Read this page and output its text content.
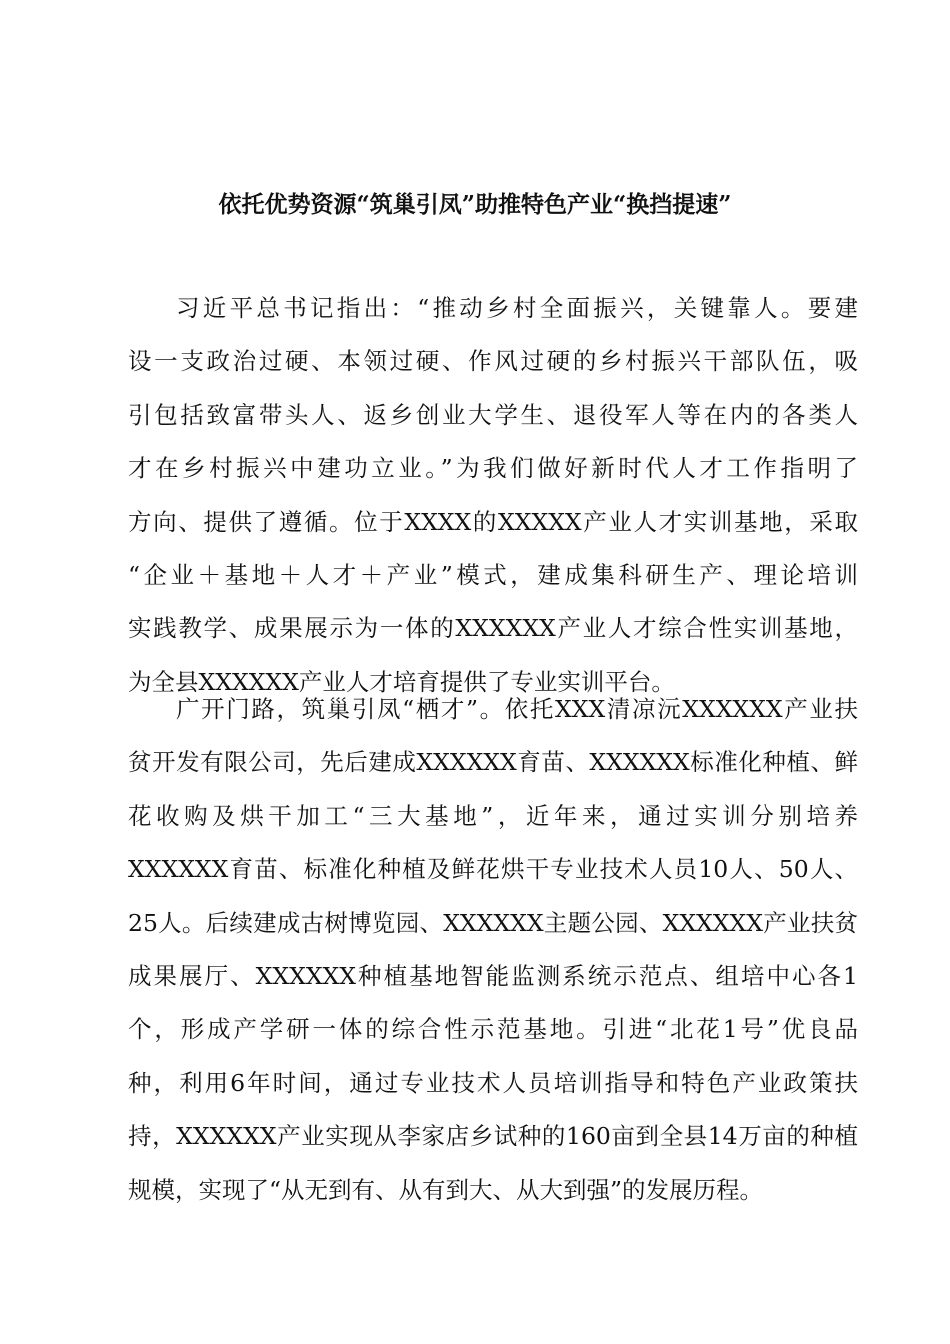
依托优势资源“筑巢引凤”助推特色产业“换挡提速”
习近平总书记指出：“推动乡村全面振兴，关键靠人。要建
设一支政治过硬、本领过硬、作风过硬的乡村振兴干部队伍，吸
引包括致富带头人、返乡创业大学生、退役军人等在内的各类人
才在乡村振兴中建功立业。”为我们做好新时代人才工作指明了
方向、提供了遵循。位于XXXX的XXXXX产业人才实训基地，采取
“企业＋基地＋人才＋产业”模式，建成集科研生产、理论培训
实践教学、成果展示为一体的XXXXXX产业人才综合性实训基地，
为全县XXXXXX产业人才培育提供了专业实训平台。
广开门路，筑巢引凤“栖才”。依托XXX清凉沅XXXXXX产业扶
贫开发有限公司，先后建成XXXXXX育苗、XXXXXX标准化种植、鲜
花收购及烘干加工“三大基地”，近年来，通过实训分别培养
XXXXXX育苗、标准化种植及鲜花烘干专业技术人员10人、50人、
25人。后续建成古树博览园、XXXXXX主题公园、XXXXXX产业扶贫
成果展厅、XXXXXX种植基地智能监测系统示范点、组培中心各1
个，形成产学研一体的综合性示范基地。引进“北花1号”优良品
种，利用6年时间，通过专业技术人员培训指导和特色产业政策扶
持，XXXXXX产业实现从李家店乡试种的160亩到全县14万亩的种植
规模，实现了“从无到有、从有到大、从大到强”的发展历程。
